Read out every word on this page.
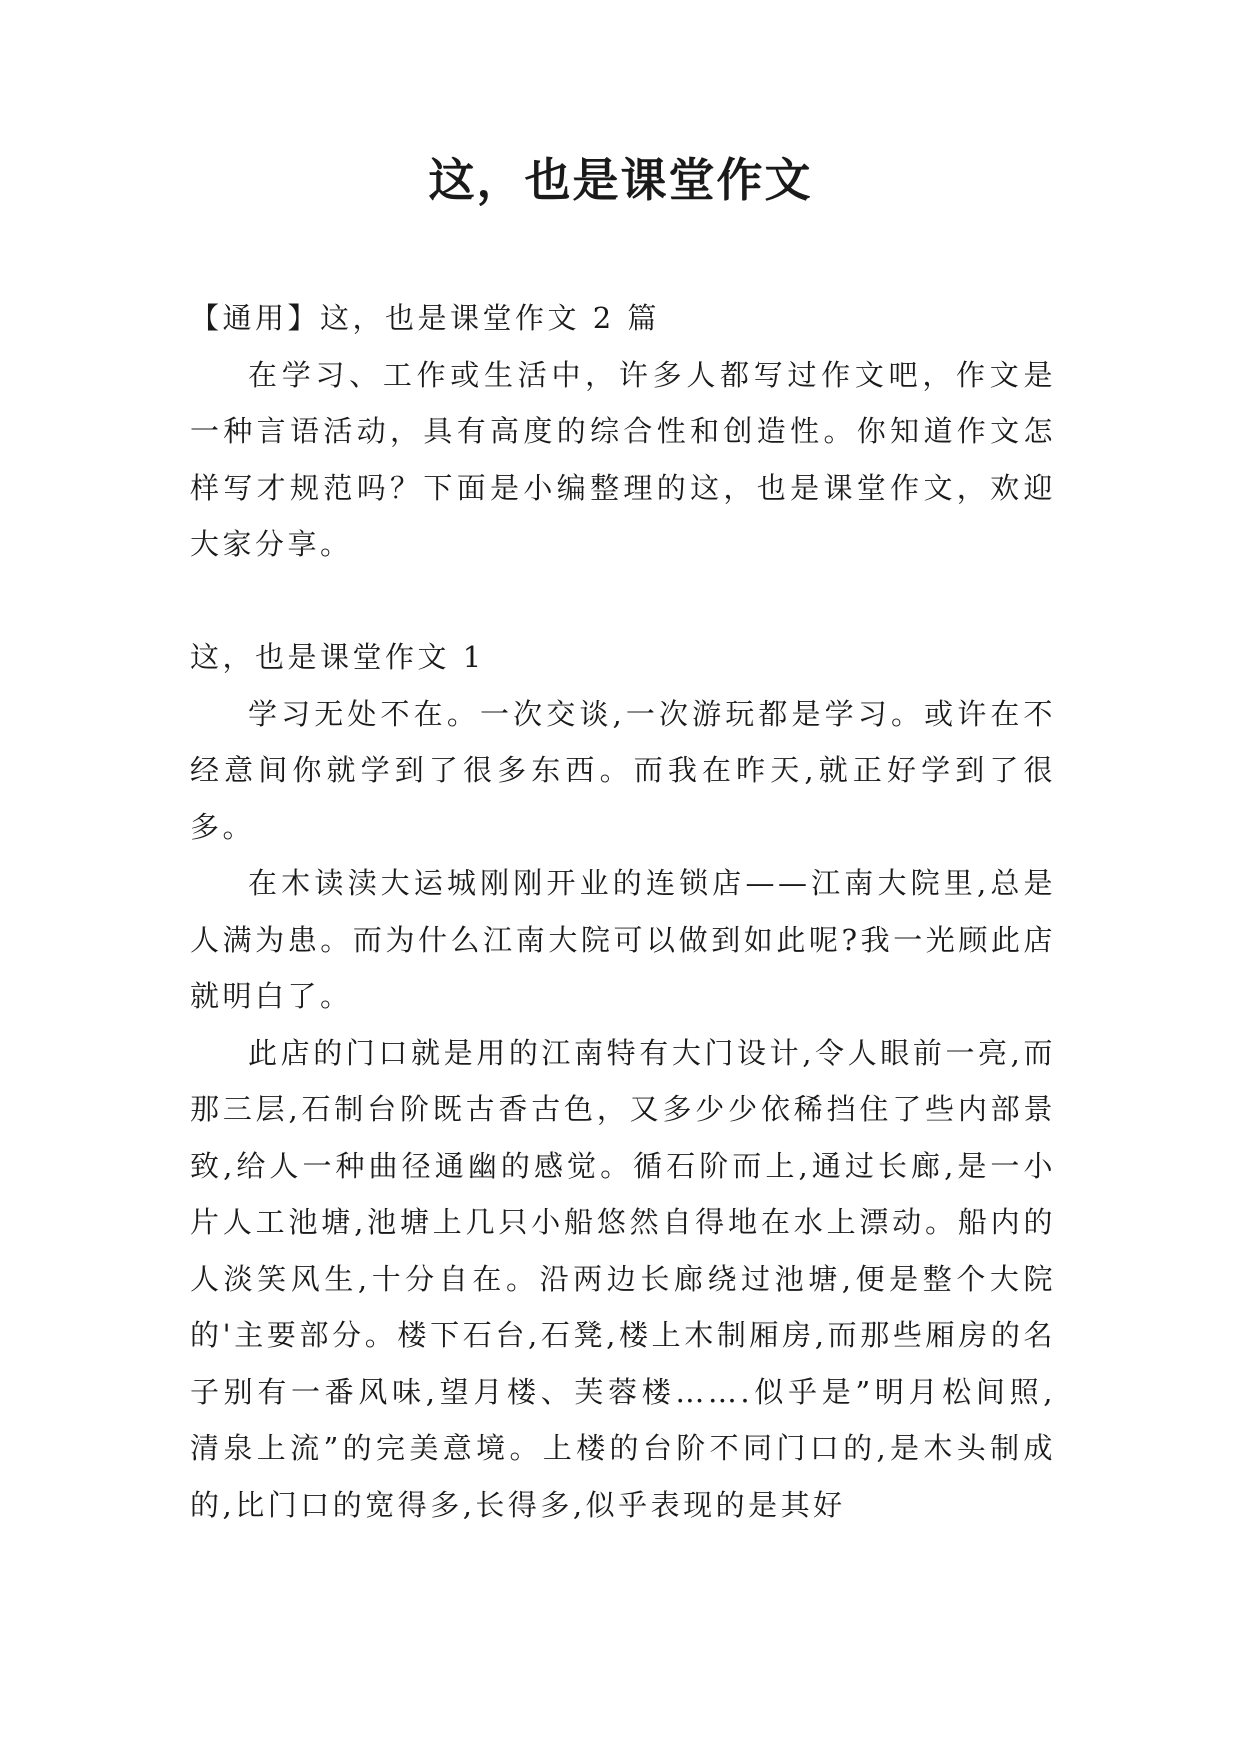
这，也是课堂作文

【通用】这，也是课堂作文 2 篇

在学习、工作或生活中，许多人都写过作文吧，作文是一种言语活动，具有高度的综合性和创造性。你知道作文怎样写才规范吗？下面是小编整理的这，也是课堂作文，欢迎大家分享。

这，也是课堂作文 1

学习无处不在。一次交谈,一次游玩都是学习。或许在不经意间你就学到了很多东西。而我在昨天,就正好学到了很多。

在木读渎大运城刚刚开业的连锁店——江南大院里,总是人满为患。而为什么江南大院可以做到如此呢?我一光顾此店就明白了。

此店的门口就是用的江南特有大门设计,令人眼前一亮,而那三层,石制台阶既古香古色，又多少少依稀挡住了些内部景致,给人一种曲径通幽的感觉。循石阶而上,通过长廊,是一小片人工池塘,池塘上几只小船悠然自得地在水上漂动。船内的人淡笑风生,十分自在。沿两边长廊绕过池塘,便是整个大院的'主要部分。楼下石台,石凳,楼上木制厢房,而那些厢房的名子别有一番风味,望月楼、芙蓉楼…….似乎是”明月松间照,清泉上流”的完美意境。上楼的台阶不同门口的,是木头制成的,比门口的宽得多,长得多,似乎表现的是其好
